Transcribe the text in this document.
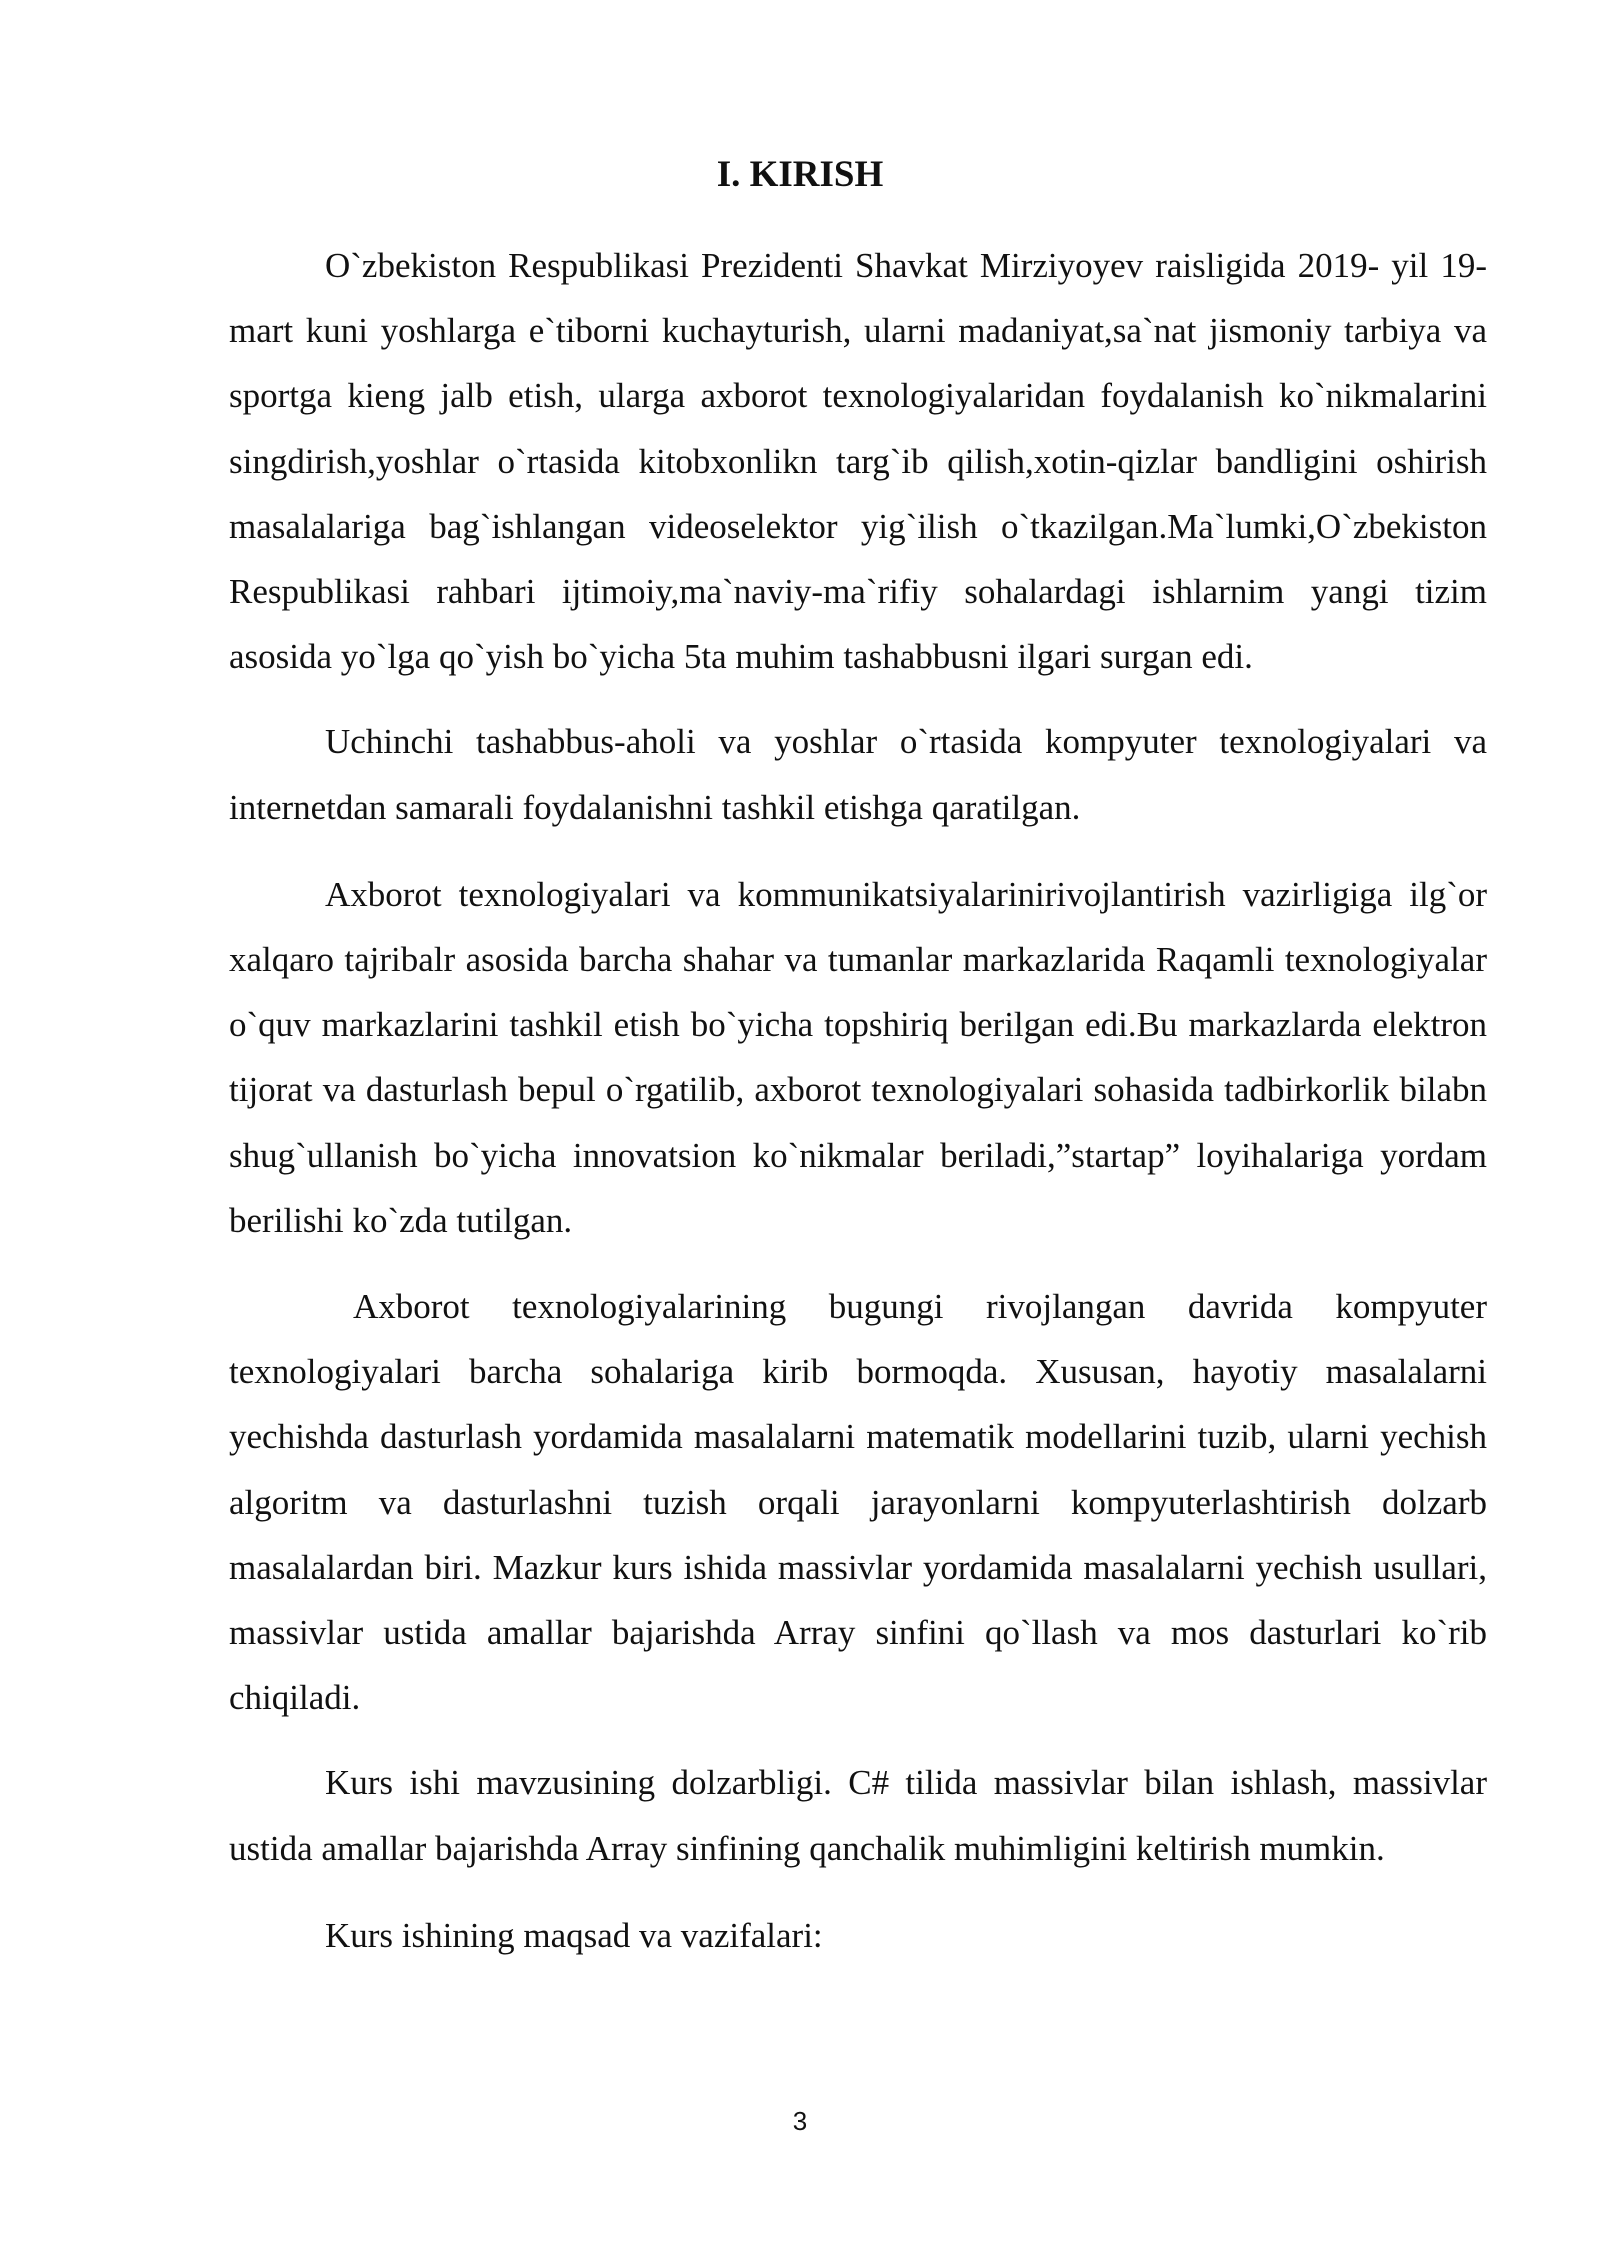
I. KIRISH

O`zbekiston Respublikasi Prezidenti Shavkat Mirziyoyev raisligida 2019- yil 19- mart kuni yoshlarga e`tiborni kuchayturish, ularni madaniyat,sa`nat jismoniy tarbiya va sportga kieng jalb etish, ularga axborot texnologiyalaridan foydalanish ko`nikmalarini singdirish,yoshlar o`rtasida kitobxonlikn targ`ib qilish,xotin-qizlar bandligini oshirish masalalariga bag`ishlangan videoselektor yig`ilish o`tkazilgan.Ma`lumki,O`zbekiston Respublikasi rahbari ijtimoiy,ma`naviy-ma`rifiy sohalardagi ishlarnim yangi tizim asosida yo`lga qo`yish bo`yicha 5ta muhim tashabbusni ilgari surgan edi.

Uchinchi tashabbus-aholi va yoshlar o`rtasida kompyuter texnologiyalari va internetdan samarali foydalanishni tashkil etishga qaratilgan.

Axborot texnologiyalari va kommunikatsiyalarinirivojlantirish vazirligiga ilg`or xalqaro tajribalr asosida barcha shahar va tumanlar markazlarida Raqamli texnologiyalar o`quv markazlarini tashkil etish bo`yicha topshiriq berilgan edi.Bu markazlarda elektron tijorat va dasturlash bepul o`rgatilib, axborot texnologiyalari sohasida tadbirkorlik bilabn shug`ullanish bo`yicha innovatsion ko`nikmalar beriladi,”startap” loyihalariga yordam berilishi ko`zda tutilgan.

Axborot texnologiyalarining bugungi rivojlangan davrida kompyuter texnologiyalari barcha sohalariga kirib bormoqda. Xususan, hayotiy masalalarni yechishda dasturlash yordamida masalalarni matematik modellarini tuzib, ularni yechish algoritm va dasturlashni tuzish orqali jarayonlarni kompyuterlashtirish dolzarb masalalardan biri. Mazkur kurs ishida massivlar yordamida masalalarni yechish usullari, massivlar ustida amallar bajarishda Array sinfini qo`llash va mos dasturlari ko`rib chiqiladi.

Kurs ishi mavzusining dolzarbligi. C# tilida massivlar bilan ishlash, massivlar ustida amallar bajarishda Array sinfining qanchalik muhimligini keltirish mumkin.

Kurs ishining maqsad va vazifalari:

3
